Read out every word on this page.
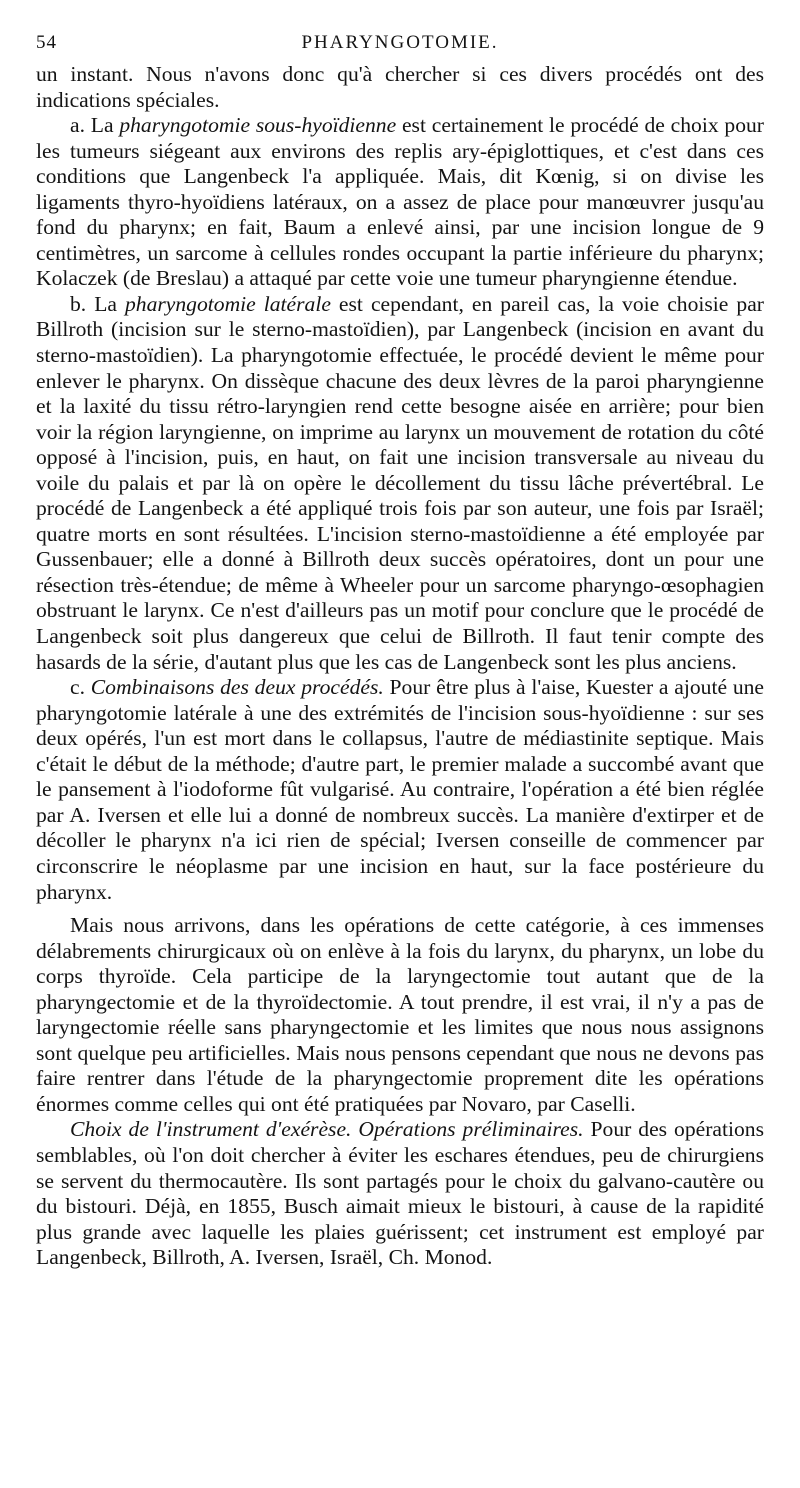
54	PHARYNGOTOMIE.

un instant. Nous n'avons donc qu'à chercher si ces divers procédés ont des indications spéciales.

a. La pharyngotomie sous-hyoïdienne est certainement le procédé de choix pour les tumeurs siégeant aux environs des replis ary-épiglottiques, et c'est dans ces conditions que Langenbeck l'a appliquée. Mais, dit Kœnig, si on divise les ligaments thyro-hyoïdiens latéraux, on a assez de place pour manœuvrer jusqu'au fond du pharynx; en fait, Baum a enlevé ainsi, par une incision longue de 9 centimètres, un sarcome à cellules rondes occupant la partie inférieure du pharynx; Kolaczek (de Breslau) a attaqué par cette voie une tumeur pharyngienne étendue.

b. La pharyngotomie latérale est cependant, en pareil cas, la voie choisie par Billroth (incision sur le sterno-mastoïdien), par Langenbeck (incision en avant du sterno-mastoïdien). La pharyngotomie effectuée, le procédé devient le même pour enlever le pharynx. On dissèque chacune des deux lèvres de la paroi pharyngienne et la laxité du tissu rétro-laryngien rend cette besogne aisée en arrière; pour bien voir la région laryngienne, on imprime au larynx un mouvement de rotation du côté opposé à l'incision, puis, en haut, on fait une incision transversale au niveau du voile du palais et par là on opère le décollement du tissu lâche prévertébral. Le procédé de Langenbeck a été appliqué trois fois par son auteur, une fois par Israël; quatre morts en sont résultées. L'incision sterno-mastoïdienne a été employée par Gussenbauer; elle a donné à Billroth deux succès opératoires, dont un pour une résection très-étendue; de même à Wheeler pour un sarcome pharyngo-œsophagien obstruant le larynx. Ce n'est d'ailleurs pas un motif pour conclure que le procédé de Langenbeck soit plus dangereux que celui de Billroth. Il faut tenir compte des hasards de la série, d'autant plus que les cas de Langenbeck sont les plus anciens.

c. Combinaisons des deux procédés. Pour être plus à l'aise, Kuester a ajouté une pharyngotomie latérale à une des extrémités de l'incision sous-hyoïdienne : sur ses deux opérés, l'un est mort dans le collapsus, l'autre de médiastinite septique. Mais c'était le début de la méthode; d'autre part, le premier malade a succombé avant que le pansement à l'iodoforme fût vulgarisé. Au contraire, l'opération a été bien réglée par A. Iversen et elle lui a donné de nombreux succès. La manière d'extirper et de décoller le pharynx n'a ici rien de spécial; Iversen conseille de commencer par circonscrire le néoplasme par une incision en haut, sur la face postérieure du pharynx.

Mais nous arrivons, dans les opérations de cette catégorie, à ces immenses délabrements chirurgicaux où on enlève à la fois du larynx, du pharynx, un lobe du corps thyroïde. Cela participe de la laryngectomie tout autant que de la pharyngectomie et de la thyroïdectomie. A tout prendre, il est vrai, il n'y a pas de laryngectomie réelle sans pharyngectomie et les limites que nous nous assignons sont quelque peu artificielles. Mais nous pensons cependant que nous ne devons pas faire rentrer dans l'étude de la pharyngectomie proprement dite les opérations énormes comme celles qui ont été pratiquées par Novaro, par Caselli.

Choix de l'instrument d'exérèse. Opérations préliminaires. Pour des opérations semblables, où l'on doit chercher à éviter les eschares étendues, peu de chirurgiens se servent du thermocautère. Ils sont partagés pour le choix du galvano-cautère ou du bistouri. Déjà, en 1855, Busch aimait mieux le bistouri, à cause de la rapidité plus grande avec laquelle les plaies guérissent; cet instrument est employé par Langenbeck, Billroth, A. Iversen, Israël, Ch. Monod.
